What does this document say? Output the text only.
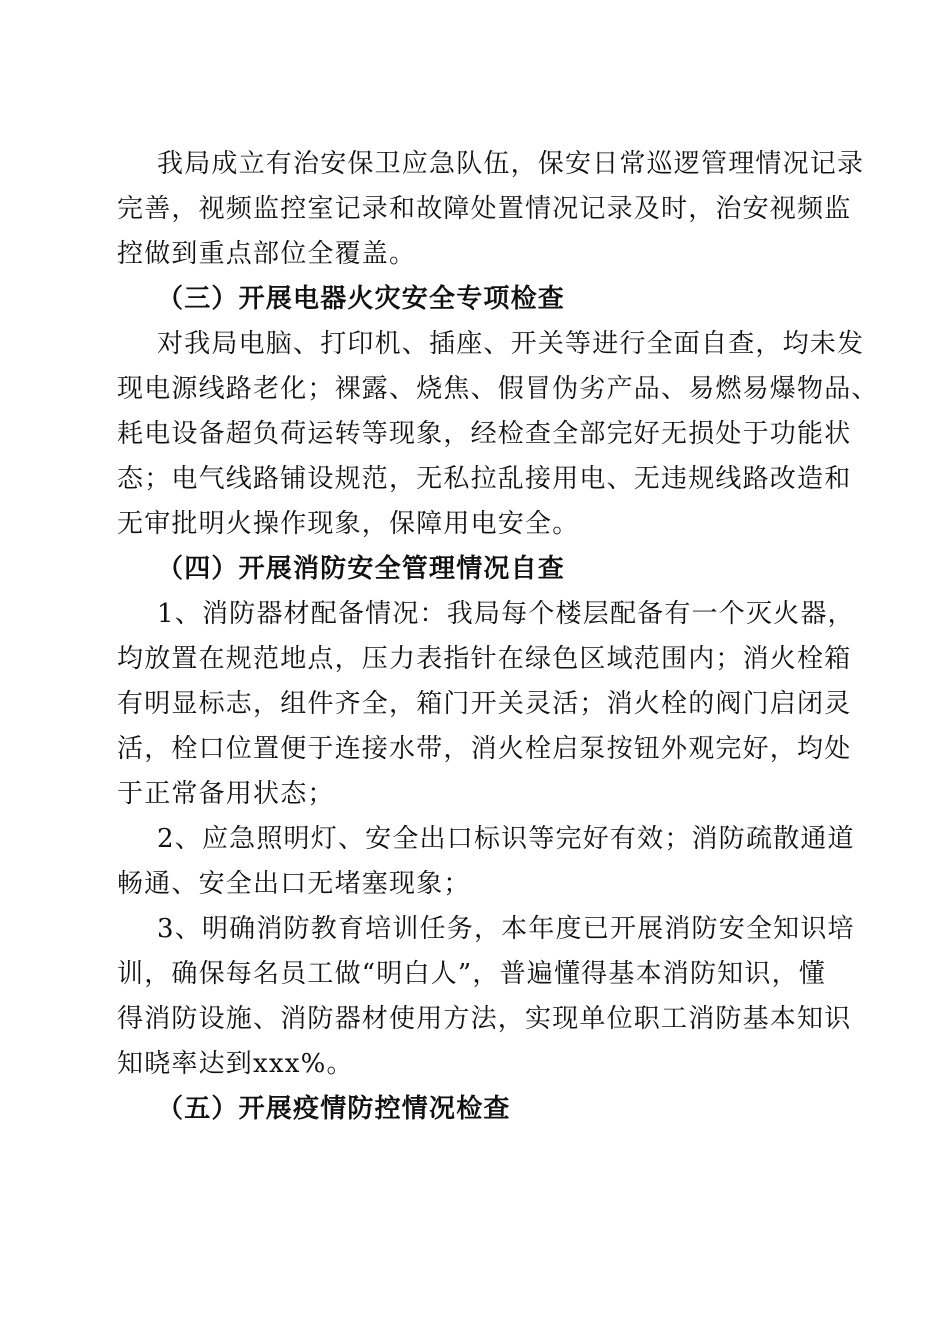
我局成立有治安保卫应急队伍，保安日常巡逻管理情况记录

完善，视频监控室记录和故障处置情况记录及时，治安视频监

控做到重点部位全覆盖。

（三）开展电器火灾安全专项检查

对我局电脑、打印机、插座、开关等进行全面自查，均未发

现电源线路老化；裸露、烧焦、假冒伪劣产品、易燃易爆物品、

耗电设备超负荷运转等现象，经检查全部完好无损处于功能状

态；电气线路铺设规范，无私拉乱接用电、无违规线路改造和

无审批明火操作现象，保障用电安全。

（四）开展消防安全管理情况自查

1、消防器材配备情况：我局每个楼层配备有一个灭火器，

均放置在规范地点，压力表指针在绿色区域范围内；消火栓箱

有明显标志，组件齐全，箱门开关灵活；消火栓的阀门启闭灵

活，栓口位置便于连接水带，消火栓启泵按钮外观完好，均处

于正常备用状态；

2、应急照明灯、安全出口标识等完好有效；消防疏散通道

畅通、安全出口无堵塞现象；

3、明确消防教育培训任务，本年度已开展消防安全知识培

训，确保每名员工做“明白人”，普遍懂得基本消防知识，懂

得消防设施、消防器材使用方法，实现单位职工消防基本知识

知晓率达到xxx%。

（五）开展疫情防控情况检查
